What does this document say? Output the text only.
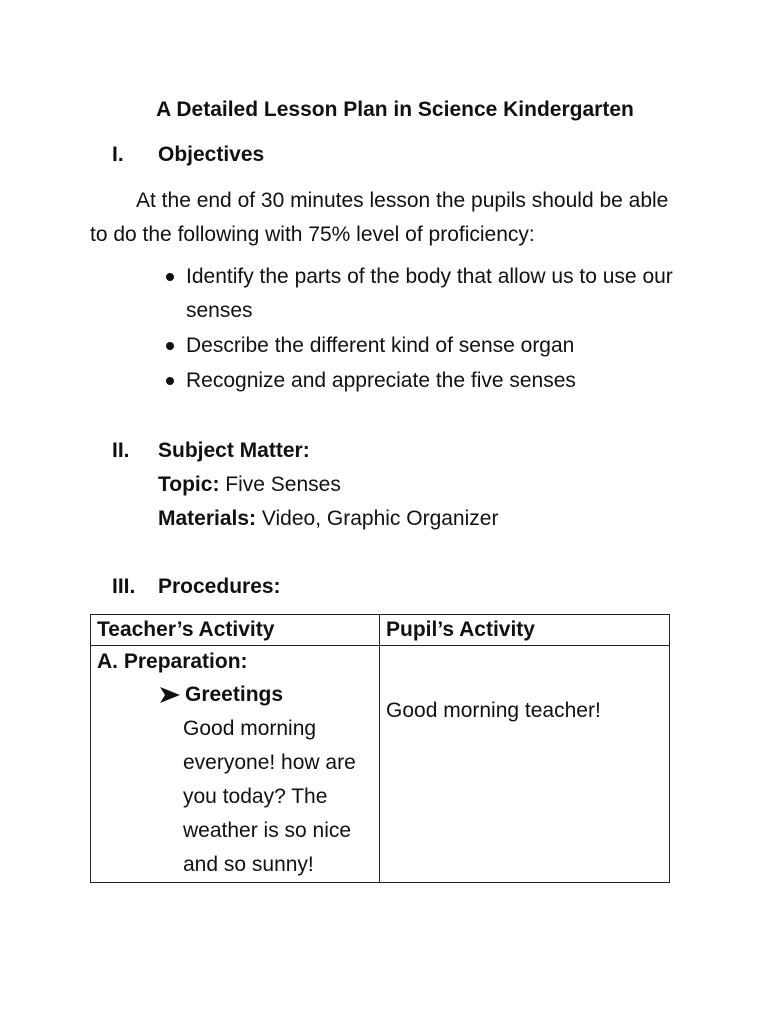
A Detailed Lesson Plan in Science Kindergarten
I.	Objectives

At the end of 30 minutes lesson the pupils should be able to do the following with 75% level of proficiency:

Identify the parts of the body that allow us to use our senses
Describe the different kind of sense organ
Recognize and appreciate the five senses
II.	Subject Matter:

Topic: Five Senses

Materials: Video, Graphic Organizer

III.	Procedures:
Teacher’s Activity	Pupil’s Activity

A. Preparation:

Greetings

Good morning everyone! how are you today? The weather is so nice and so sunny!	Good morning teacher!
